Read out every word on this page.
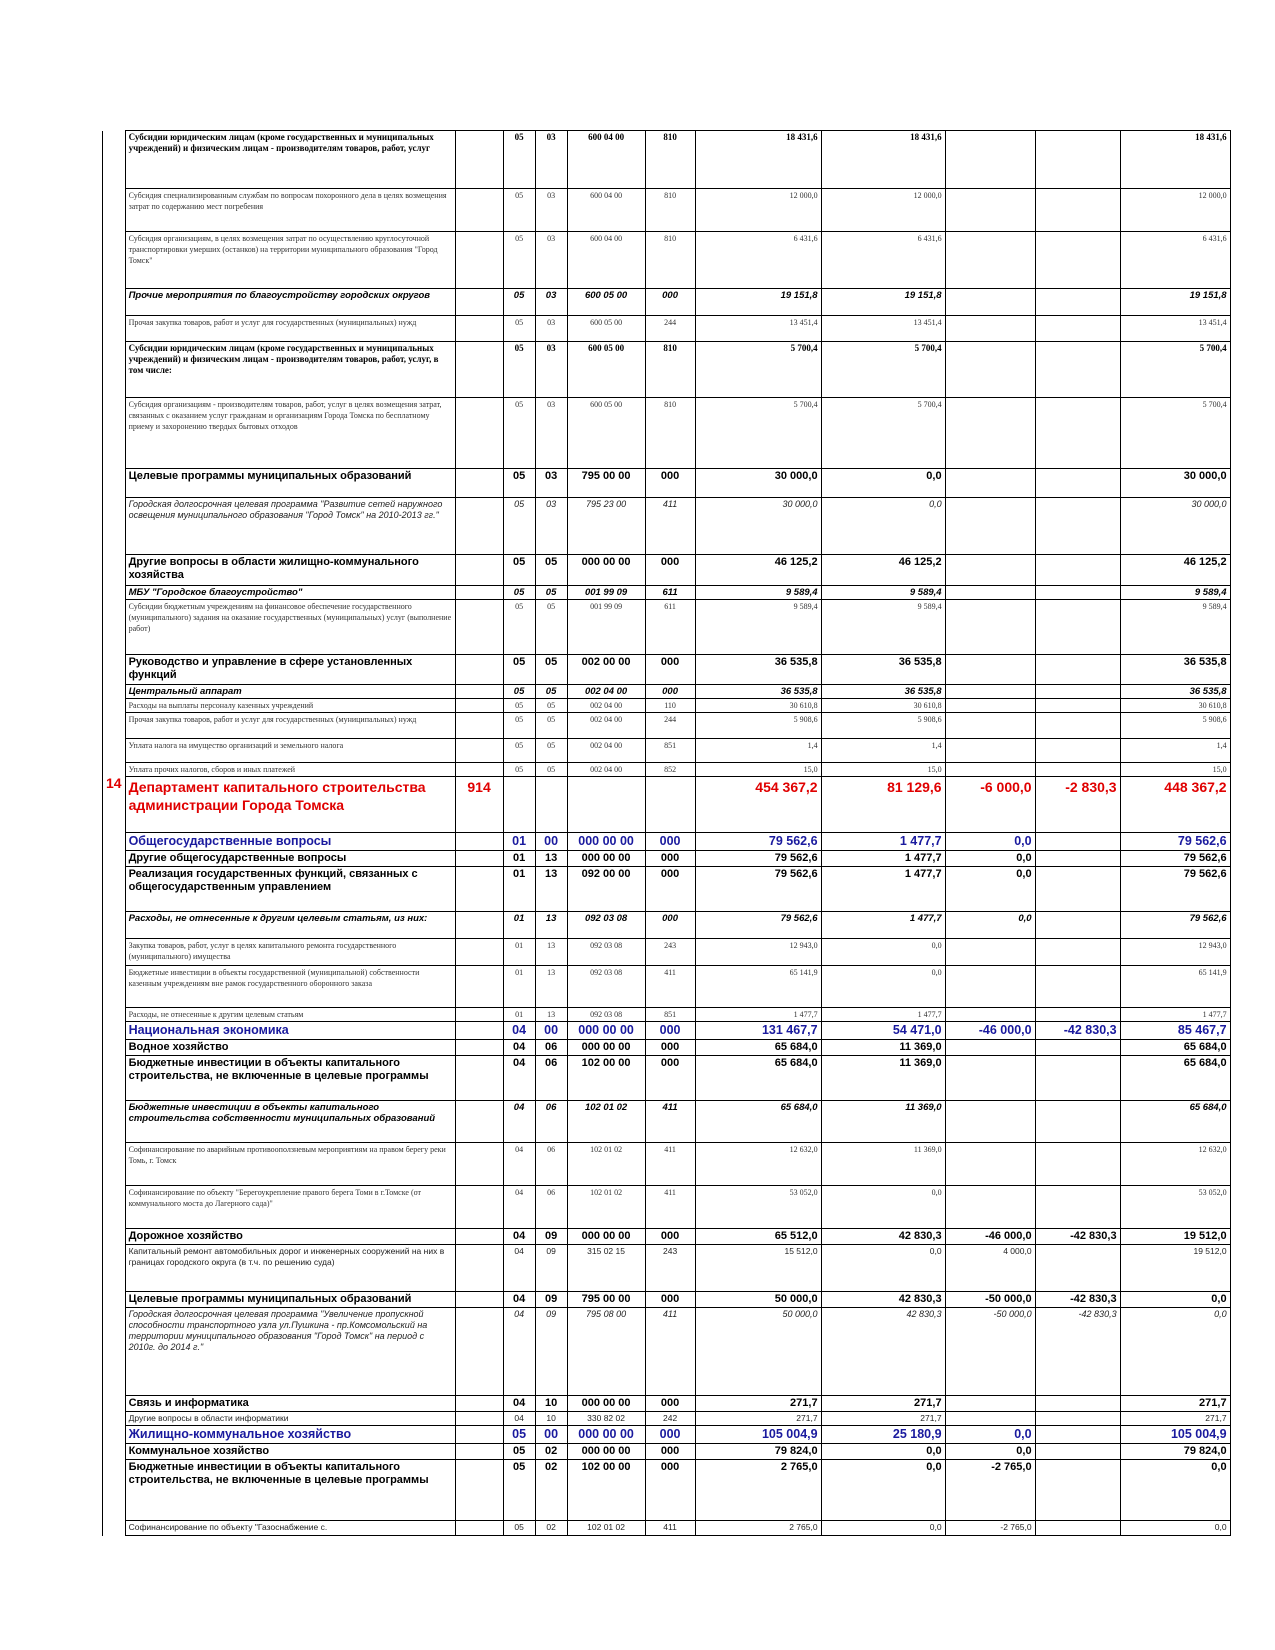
	Субсидии юридическим лицам (кроме государственных и муниципальных учреждений) и физическим лицам - производителям товаров, работ, услуг		05	03	600 04 00	810	18 431,6	18 431,6			18 431,6
	Субсидия специализированным службам по вопросам похоронного дела в целях возмещения затрат по содержанию мест погребения		05	03	600 04 00	810	12 000,0	12 000,0			12 000,0
	Субсидия организациям, в целях возмещения затрат по осуществлению круглосуточной транспортировки умерших (останков) на территории муниципального образования "Город Томск"		05	03	600 04 00	810	6 431,6	6 431,6			6 431,6
	Прочие мероприятия по благоустройству городских округов		05	03	600 05 00	000	19 151,8	19 151,8			19 151,8
	Прочая закупка товаров, работ и услуг для государственных (муниципальных) нужд		05	03	600 05 00	244	13 451,4	13 451,4			13 451,4
	Субсидии юридическим лицам (кроме государственных и муниципальных учреждений) и физическим лицам - производителям товаров, работ, услуг, в том числе:		05	03	600 05 00	810	5 700,4	5 700,4			5 700,4
	Субсидия организациям - производителям товаров, работ, услуг в целях возмещения затрат, связанных с оказанием услуг гражданам и организациям Города Томска по бесплатному приему и захоронению твердых бытовых отходов		05	03	600 05 00	810	5 700,4	5 700,4			5 700,4
	Целевые программы муниципальных образований		05	03	795 00 00	000	30 000,0	0,0			30 000,0
	Городская долгосрочная целевая программа "Развитие сетей наружного освещения муниципального образования "Город Томск" на 2010-2013 гг."		05	03	795 23 00	411	30 000,0	0,0			30 000,0
	Другие вопросы в области жилищно-коммунального хозяйства		05	05	000 00 00	000	46 125,2	46 125,2			46 125,2
	МБУ "Городское благоустройство"		05	05	001 99 09	611	9 589,4	9 589,4			9 589,4
	Субсидии бюджетным учреждениям на финансовое обеспечение государственного (муниципального) задания на оказание государственных (муниципальных) услуг (выполнение работ)		05	05	001 99 09	611	9 589,4	9 589,4			9 589,4
	Руководство и управление в сфере установленных функций		05	05	002 00 00	000	36 535,8	36 535,8			36 535,8
	Центральный аппарат		05	05	002 04 00	000	36 535,8	36 535,8			36 535,8
	Расходы на выплаты персоналу казенных учреждений		05	05	002 04 00	110	30 610,8	30 610,8			30 610,8
	Прочая закупка товаров, работ и услуг для государственных (муниципальных) нужд		05	05	002 04 00	244	5 908,6	5 908,6			5 908,6
	Уплата налога на имущество организаций и земельного налога		05	05	002 04 00	851	1,4	1,4			1,4
	Уплата прочих налогов, сборов и иных платежей		05	05	002 04 00	852	15,0	15,0			15,0
14	Департамент капитального строительства администрации Города Томска	914					454 367,2	81 129,6	-6 000,0	-2 830,3	448 367,2
	Общегосударственные вопросы		01	00	000 00 00	000	79 562,6	1 477,7	0,0		79 562,6
	Другие общегосударственные вопросы		01	13	000 00 00	000	79 562,6	1 477,7	0,0		79 562,6
	Реализация государственных функций, связанных с общегосударственным управлением		01	13	092 00 00	000	79 562,6	1 477,7	0,0		79 562,6
	Расходы, не отнесенные к другим целевым статьям, из них:		01	13	092 03 08	000	79 562,6	1 477,7	0,0		79 562,6
	Закупка товаров, работ, услуг в целях капитального ремонта государственного (муниципального) имущества		01	13	092 03 08	243	12 943,0	0,0			12 943,0
	Бюджетные инвестиции в объекты государственной (муниципальной) собственности казенным учреждениям вне рамок государственного оборонного заказа		01	13	092 03 08	411	65 141,9	0,0			65 141,9
	Расходы, не отнесенные к другим целевым статьям		01	13	092 03 08	851	1 477,7	1 477,7			1 477,7
	Национальная экономика		04	00	000 00 00	000	131 467,7	54 471,0	-46 000,0	-42 830,3	85 467,7
	Водное хозяйство		04	06	000 00 00	000	65 684,0	11 369,0			65 684,0
	Бюджетные инвестиции в объекты капитального строительства, не включенные в целевые программы		04	06	102 00 00	000	65 684,0	11 369,0			65 684,0
	Бюджетные инвестиции в объекты капитального строительства собственности муниципальных образований		04	06	102 01 02	411	65 684,0	11 369,0			65 684,0
	Софинансирование по аварийным противооползневым мероприятиям на правом берегу реки Томь, г. Томск		04	06	102 01 02	411	12 632,0	11 369,0			12 632,0
	Софинансирование по объекту "Берегоукрепление правого берега Томи в г.Томске (от коммунального моста до Лагерного сада)"		04	06	102 01 02	411	53 052,0	0,0			53 052,0
	Дорожное хозяйство		04	09	000 00 00	000	65 512,0	42 830,3	-46 000,0	-42 830,3	19 512,0
	Капитальный ремонт автомобильных дорог и инженерных сооружений на них в границах городского округа (в т.ч. по решению суда)		04	09	315 02 15	243	15 512,0	0,0	4 000,0		19 512,0
	Целевые программы муниципальных образований		04	09	795 00 00	000	50 000,0	42 830,3	-50 000,0	-42 830,3	0,0
	Городская долгосрочная целевая программа "Увеличение пропускной способности транспортного узла ул.Пушкина - пр.Комсомольский на территории муниципального образования "Город Томск" на период с 2010г. до 2014 г."		04	09	795 08 00	411	50 000,0	42 830,3	-50 000,0	-42 830,3	0,0
	Связь и информатика		04	10	000 00 00	000	271,7	271,7			271,7
	Другие вопросы в области информатики		04	10	330 82 02	242	271,7	271,7			271,7
	Жилищно-коммунальное хозяйство		05	00	000 00 00	000	105 004,9	25 180,9	0,0		105 004,9
	Коммунальное хозяйство		05	02	000 00 00	000	79 824,0	0,0	0,0		79 824,0
	Бюджетные инвестиции в объекты капитального строительства, не включенные в целевые программы		05	02	102 00 00	000	2 765,0	0,0	-2 765,0		0,0
	Софинансирование по объекту "Газоснабжение с.		05	02	102 01 02	411	2 765,0	0,0	-2 765,0		0,0
